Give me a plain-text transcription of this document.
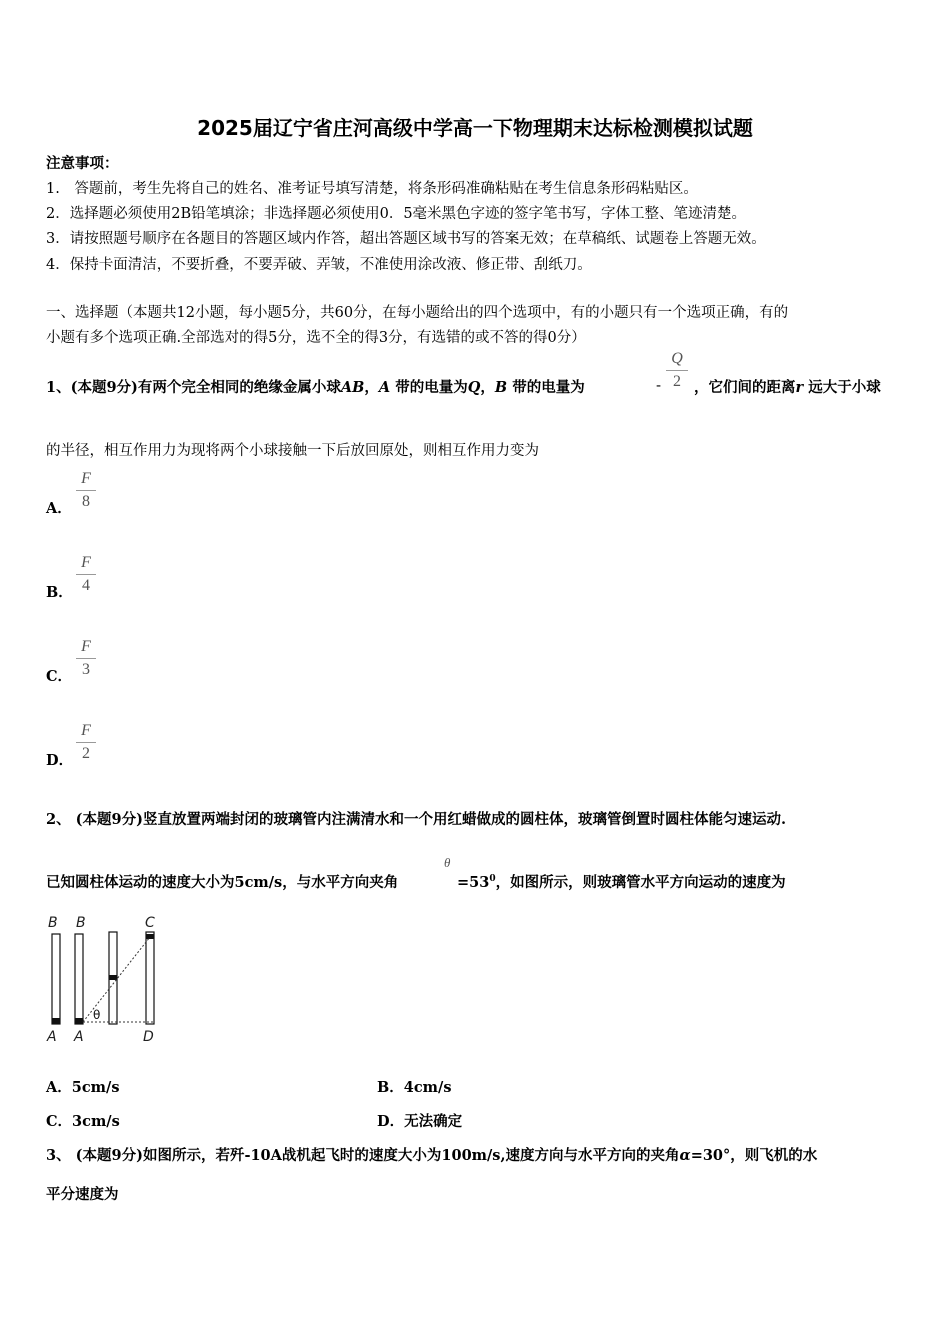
2025届辽宁省庄河高级中学高一下物理期末达标检测模拟试题
注意事项：
1.　答题前，考生先将自己的姓名、准考证号填写清楚，将条形码准确粘贴在考生信息条形码粘贴区。
2．选择题必须使用2B铅笔填涂；非选择题必须使用0．5毫米黑色字迹的签字笔书写，字体工整、笔迹清楚。
3．请按照题号顺序在各题目的答题区域内作答，超出答题区域书写的答案无效；在草稿纸、试题卷上答题无效。
4．保持卡面清洁，不要折叠，不要弄破、弄皱，不准使用涂改液、修正带、刮纸刀。
一、选择题（本题共12小题，每小题5分，共60分，在每小题给出的四个选项中，有的小题只有一个选项正确，有的
小题有多个选项正确.全部选对的得5分，选不全的得3分，有选错的或不答的得0分）
1、(本题9分)有两个完全相同的绝缘金属小球AB，A 带的电量为Q，B 带的电量为	-
Q
2 ，它们间的距离r 远大于小球
的半径，相互作用力为现将两个小球接触一下后放回原处，则相互作用力变为
A．
F
8
B．
F
4
C．
F
3
D．
F
2
2、 (本题9分)竖直放置两端封闭的玻璃管内注满清水和一个用红蜡做成的圆柱体，玻璃管倒置时圆柱体能匀速运动.
已知圆柱体运动的速度大小为5cm/s，与水平方向夹角
θ
$=53^0$，如图所示，则玻璃管水平方向运动的速度为
B B	C
θ
A A	D
A．5cm/s	B．4cm/s
C．3cm/s	D．无法确定
3、 (本题9分)如图所示，若歼-10A战机起飞时的速度大小为100m/s,速度方向与水平方向的夹角α=30°，则飞机的水
平分速度为
